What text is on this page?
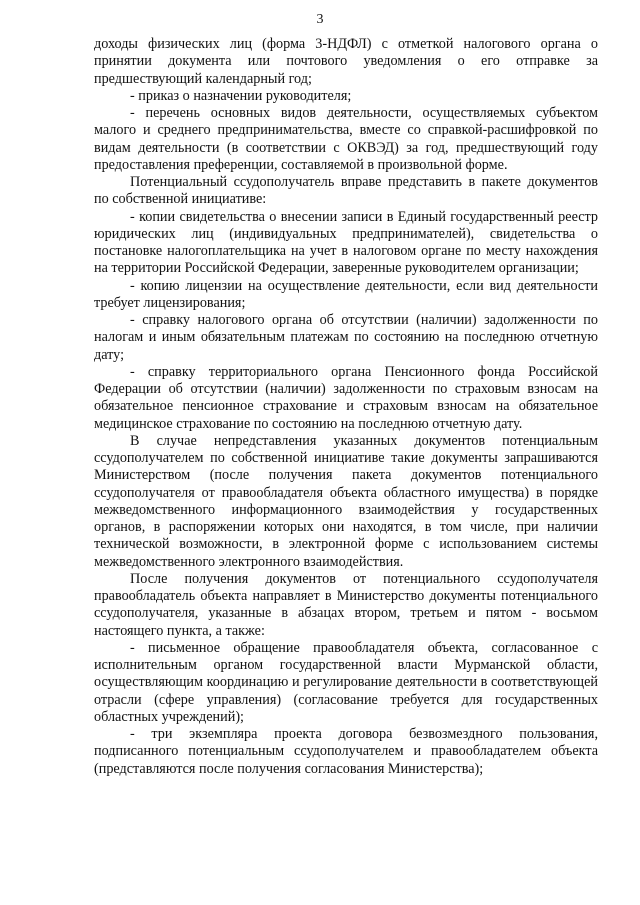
3

доходы физических лиц (форма 3-НДФЛ) с отметкой налогового органа о принятии документа или почтового уведомления о его отправке за предшествующий календарный год;

- приказ о назначении руководителя;

- перечень основных видов деятельности, осуществляемых субъектом малого и среднего предпринимательства, вместе со справкой-расшифровкой по видам деятельности (в соответствии с ОКВЭД) за год, предшествующий году предоставления преференции, составляемой в произвольной форме.

Потенциальный ссудополучатель вправе представить в пакете документов по собственной инициативе:

- копии свидетельства о внесении записи в Единый государственный реестр юридических лиц (индивидуальных предпринимателей), свидетельства о постановке налогоплательщика на учет в налоговом органе по месту нахождения на территории Российской Федерации, заверенные руководителем организации;

- копию лицензии на осуществление деятельности, если вид деятельности требует лицензирования;

- справку налогового органа об отсутствии (наличии) задолженности по налогам и иным обязательным платежам по состоянию на последнюю отчетную дату;

- справку территориального органа Пенсионного фонда Российской Федерации об отсутствии (наличии) задолженности по страховым взносам на обязательное пенсионное страхование и страховым взносам на обязательное медицинское страхование по состоянию на последнюю отчетную дату.

В случае непредставления указанных документов потенциальным ссудополучателем по собственной инициативе такие документы запрашиваются Министерством (после получения пакета документов потенциального ссудополучателя от правообладателя объекта областного имущества) в порядке межведомственного информационного взаимодействия у государственных органов, в распоряжении которых они находятся, в том числе, при наличии технической возможности, в электронной форме с использованием системы межведомственного электронного взаимодействия.

После получения документов от потенциального ссудополучателя правообладатель объекта направляет в Министерство документы потенциального ссудополучателя, указанные в абзацах втором, третьем и пятом - восьмом настоящего пункта, а также:

- письменное обращение правообладателя объекта, согласованное с исполнительным органом государственной власти Мурманской области, осуществляющим координацию и регулирование деятельности в соответствующей отрасли (сфере управления) (согласование требуется для государственных областных учреждений);

- три экземпляра проекта договора безвозмездного пользования, подписанного потенциальным ссудополучателем и правообладателем объекта (представляются после получения согласования Министерства);
